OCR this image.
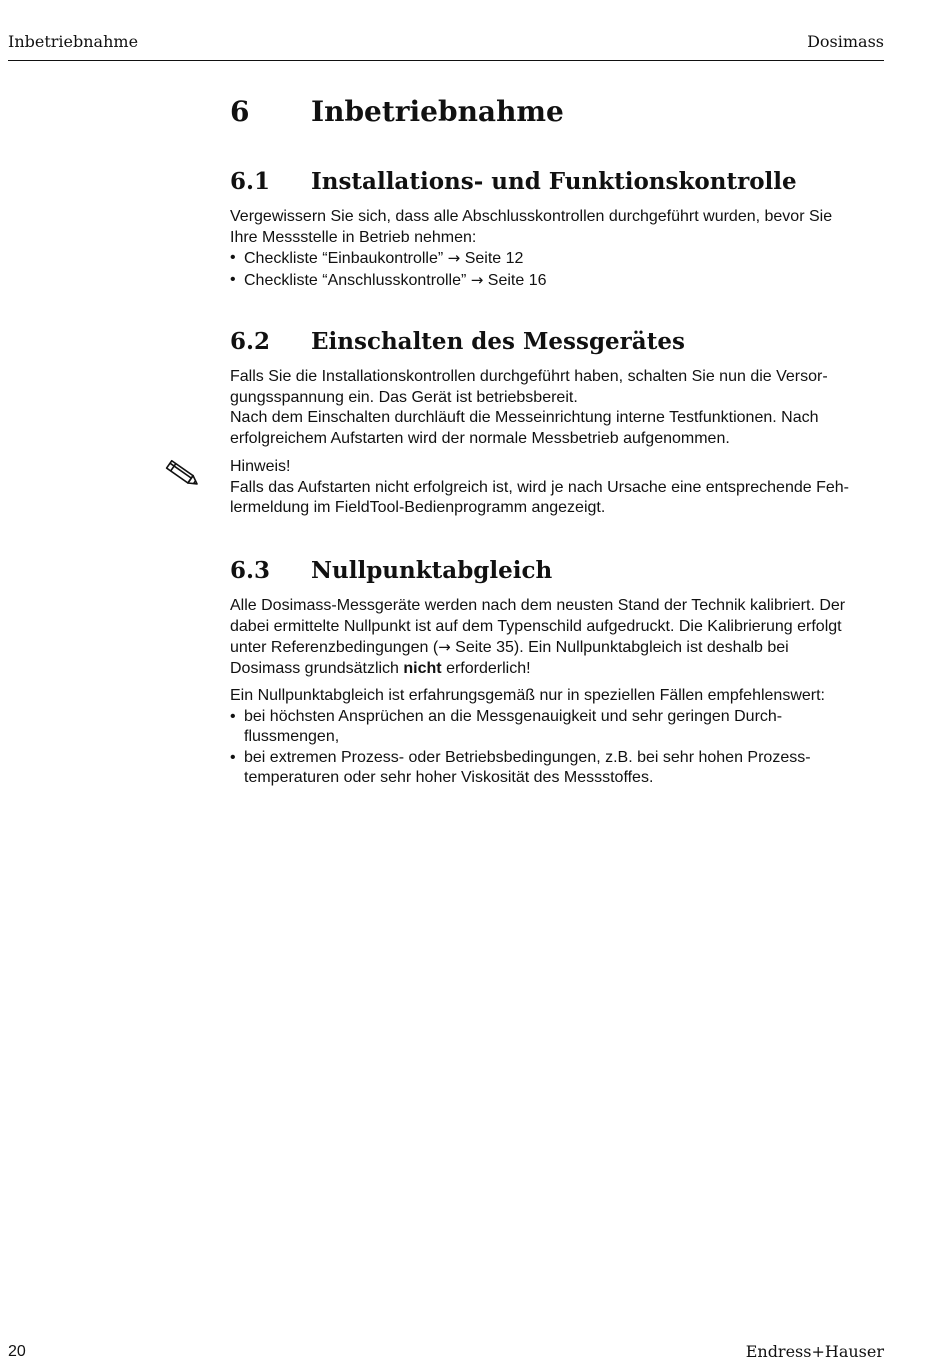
Inbetriebnahme	Dosimass
6 Inbetriebnahme
6.1 Installations- und Funktionskontrolle
Vergewissern Sie sich, dass alle Abschlusskontrollen durchgeführt wurden, bevor Sie
Ihre Messstelle in Betrieb nehmen:
• Checkliste “Einbaukontrolle” → Seite 12
• Checkliste “Anschlusskontrolle” → Seite 16
6.2 Einschalten des Messgerätes
Falls Sie die Installationskontrollen durchgeführt haben, schalten Sie nun die Versor-
gungsspannung ein. Das Gerät ist betriebsbereit.
Nach dem Einschalten durchläuft die Messeinrichtung interne Testfunktionen. Nach
erfolgreichem Aufstarten wird der normale Messbetrieb aufgenommen.
Hinweis!
Falls das Aufstarten nicht erfolgreich ist, wird je nach Ursache eine entsprechende Feh-
lermeldung im FieldTool-Bedienprogramm angezeigt.
6.3 Nullpunktabgleich
Alle Dosimass-Messgeräte werden nach dem neusten Stand der Technik kalibriert. Der
dabei ermittelte Nullpunkt ist auf dem Typenschild aufgedruckt. Die Kalibrierung erfolgt
unter Referenzbedingungen (→ Seite 35). Ein Nullpunktabgleich ist deshalb bei
Dosimass grundsätzlich nicht erforderlich!
Ein Nullpunktabgleich ist erfahrungsgemäß nur in speziellen Fällen empfehlenswert:
• bei höchsten Ansprüchen an die Messgenauigkeit und sehr geringen Durch-
flussmengen,
• bei extremen Prozess- oder Betriebsbedingungen, z.B. bei sehr hohen Prozess-
temperaturen oder sehr hoher Viskosität des Messstoffes.
20	Endress+Hauser
